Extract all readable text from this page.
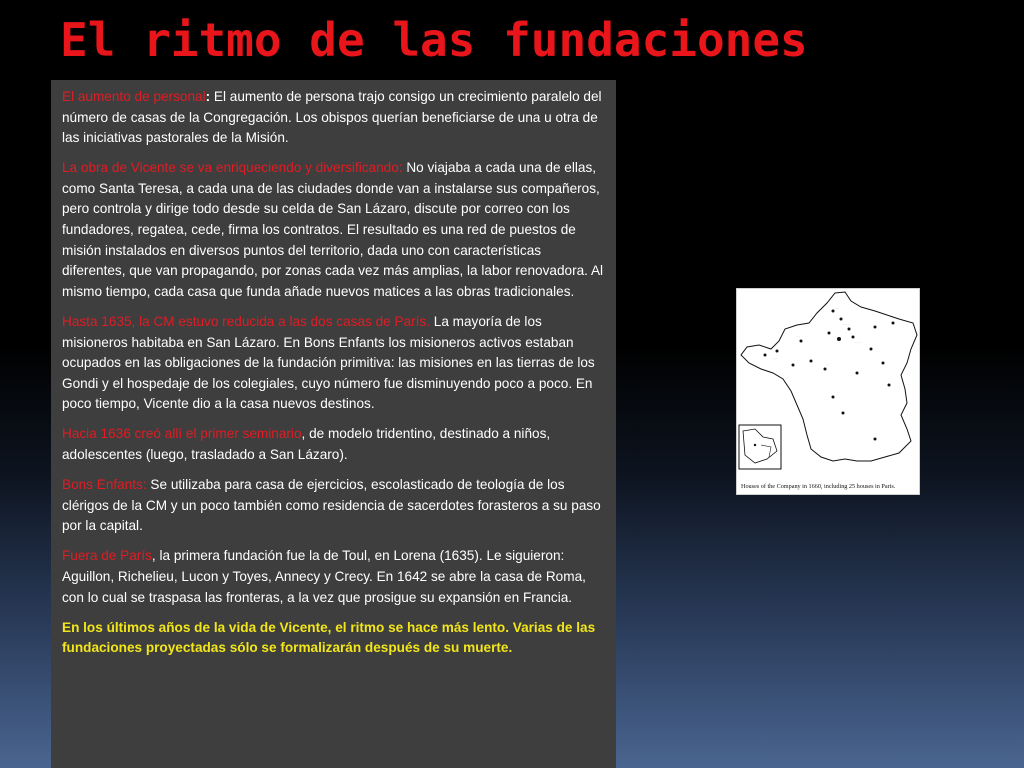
El ritmo de las fundaciones

El aumento de personal: El aumento de persona trajo consigo un crecimiento paralelo del número de casas de la Congregación. Los obispos querían beneficiarse de una u otra de las iniciativas pastorales de la Misión.

La obra de Vicente se va enriqueciendo y diversificando: No viajaba a cada una de ellas, como Santa Teresa, a cada una de las ciudades donde van a instalarse sus compañeros, pero controla y dirige todo desde su celda de San Lázaro, discute por correo con los fundadores, regatea, cede, firma los contratos. El resultado es una red de puestos de misión instalados en diversos puntos del territorio, dada uno con características diferentes, que van propagando, por zonas cada vez más amplias, la labor renovadora. Al mismo tiempo, cada casa que funda añade nuevos matices a las obras tradicionales.

Hasta 1635, la CM estuvo reducida a las dos casas de París. La mayoría de los misioneros habitaba en San Lázaro. En Bons Enfants los misioneros activos estaban ocupados en las obligaciones de la fundación primitiva: las misiones en las tierras de los Gondi y el hospedaje de los colegiales, cuyo número fue disminuyendo poco a poco. En poco tiempo, Vicente dio a la casa nuevos destinos.

Hacia 1636 creó allí el primer seminario, de modelo tridentino, destinado a niños, adolescentes (luego, trasladado a San Lázaro).

Bons Enfants: Se utilizaba para casa de ejercicios, escolasticado de teología de los clérigos de la CM y un poco también como residencia de sacerdotes forasteros a su paso por la capital.

Fuera de París, la primera fundación fue la de Toul, en Lorena (1635). Le siguieron: Aguillon, Richelieu, Lucon y Toyes, Annecy y Crecy. En 1642 se abre la casa de Roma, con lo cual se traspasa las fronteras, a la vez que prosigue su expansión en Francia.

En los últimos años de la vida de Vicente, el ritmo se hace más lento. Varias de las fundaciones proyectadas sólo se formalizarán después de su muerte.

. ..
. . . .
. .
. . . .
. . .
. .
Houses of the Company in 1660, including 25 houses in Paris.
